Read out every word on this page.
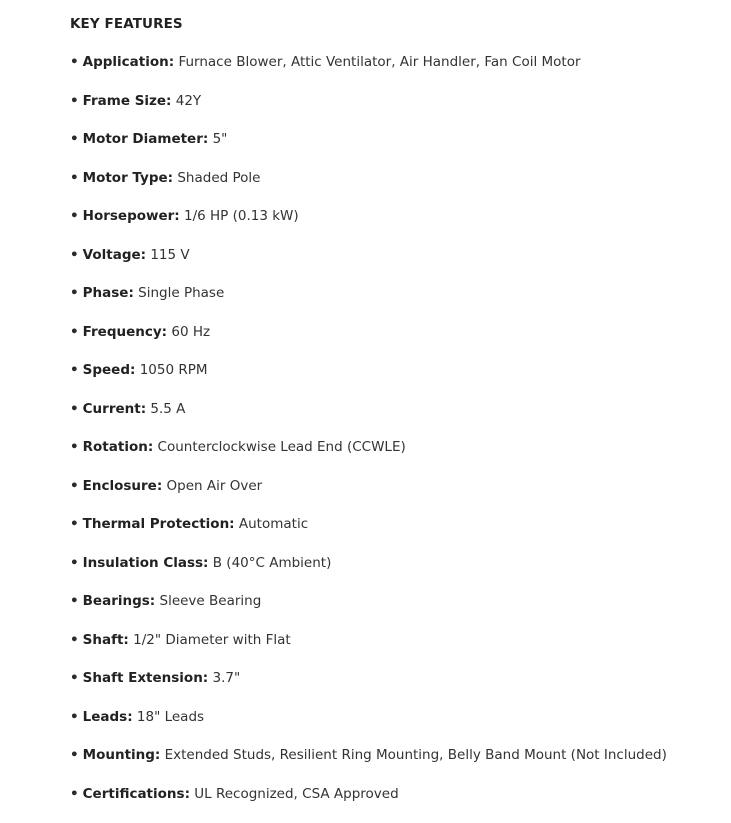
KEY FEATURES
• Application: Furnace Blower, Attic Ventilator, Air Handler, Fan Coil Motor
• Frame Size: 42Y
• Motor Diameter: 5"
• Motor Type: Shaded Pole
• Horsepower: 1/6 HP (0.13 kW)
• Voltage: 115 V
• Phase: Single Phase
• Frequency: 60 Hz
• Speed: 1050 RPM
• Current: 5.5 A
• Rotation: Counterclockwise Lead End (CCWLE)
• Enclosure: Open Air Over
• Thermal Protection: Automatic
• Insulation Class: B (40°C Ambient)
• Bearings: Sleeve Bearing
• Shaft: 1/2" Diameter with Flat
• Shaft Extension: 3.7"
• Leads: 18" Leads
• Mounting: Extended Studs, Resilient Ring Mounting, Belly Band Mount (Not Included)
• Certifications: UL Recognized, CSA Approved
